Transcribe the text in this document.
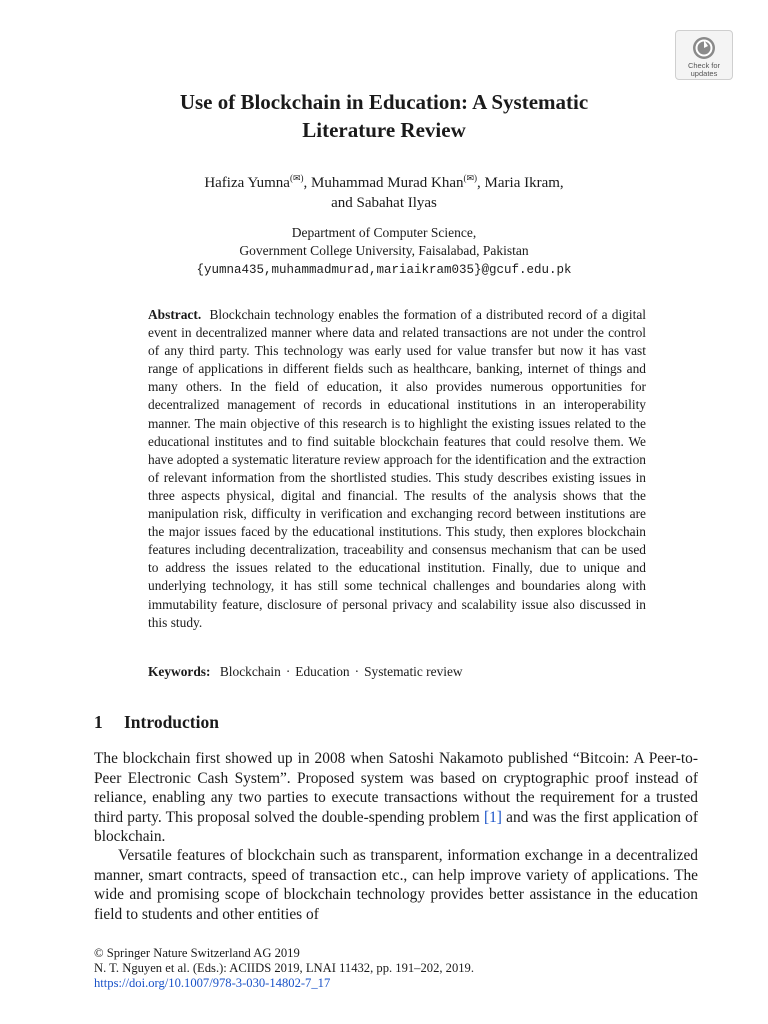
Check for
updates
Use of Blockchain in Education: A Systematic
Literature Review

Hafiza Yumna(✉), Muhammad Murad Khan(✉), Maria Ikram,
and Sabahat Ilyas

Department of Computer Science,
Government College University, Faisalabad, Pakistan
{yumna435,muhammadmurad,mariaikram035}@gcuf.edu.pk

Abstract. Blockchain technology enables the formation of a distributed record of a digital event in decentralized manner where data and related transactions are not under the control of any third party. This technology was early used for value transfer but now it has vast range of applications in different fields such as healthcare, banking, internet of things and many others. In the field of education, it also provides numerous opportunities for decentralized management of records in educational institutions in an interoperability manner. The main objective of this research is to highlight the existing issues related to the educational institutes and to find suitable blockchain features that could resolve them. We have adopted a systematic literature review approach for the identification and the extraction of relevant information from the shortlisted studies. This study describes existing issues in three aspects physical, digital and financial. The results of the analysis shows that the manipulation risk, difficulty in verification and exchanging record between institutions are the major issues faced by the educational institutions. This study, then explores blockchain features including decentralization, traceability and consensus mechanism that can be used to address the issues related to the educational institution. Finally, due to unique and underlying technology, it has still some technical challenges and boundaries along with immutability feature, disclosure of personal privacy and scalability issue also discussed in this study.

Keywords: Blockchain · Education · Systematic review

1 Introduction

The blockchain first showed up in 2008 when Satoshi Nakamoto published “Bitcoin: A Peer-to-Peer Electronic Cash System”. Proposed system was based on cryptographic proof instead of reliance, enabling any two parties to execute transactions without the requirement for a trusted third party. This proposal solved the double-spending problem [1] and was the first application of blockchain.

Versatile features of blockchain such as transparent, information exchange in a decentralized manner, smart contracts, speed of transaction etc., can help improve variety of applications. The wide and promising scope of blockchain technology provides better assistance in the education field to students and other entities of

© Springer Nature Switzerland AG 2019
N. T. Nguyen et al. (Eds.): ACIIDS 2019, LNAI 11432, pp. 191–202, 2019.
https://doi.org/10.1007/978-3-030-14802-7_17
